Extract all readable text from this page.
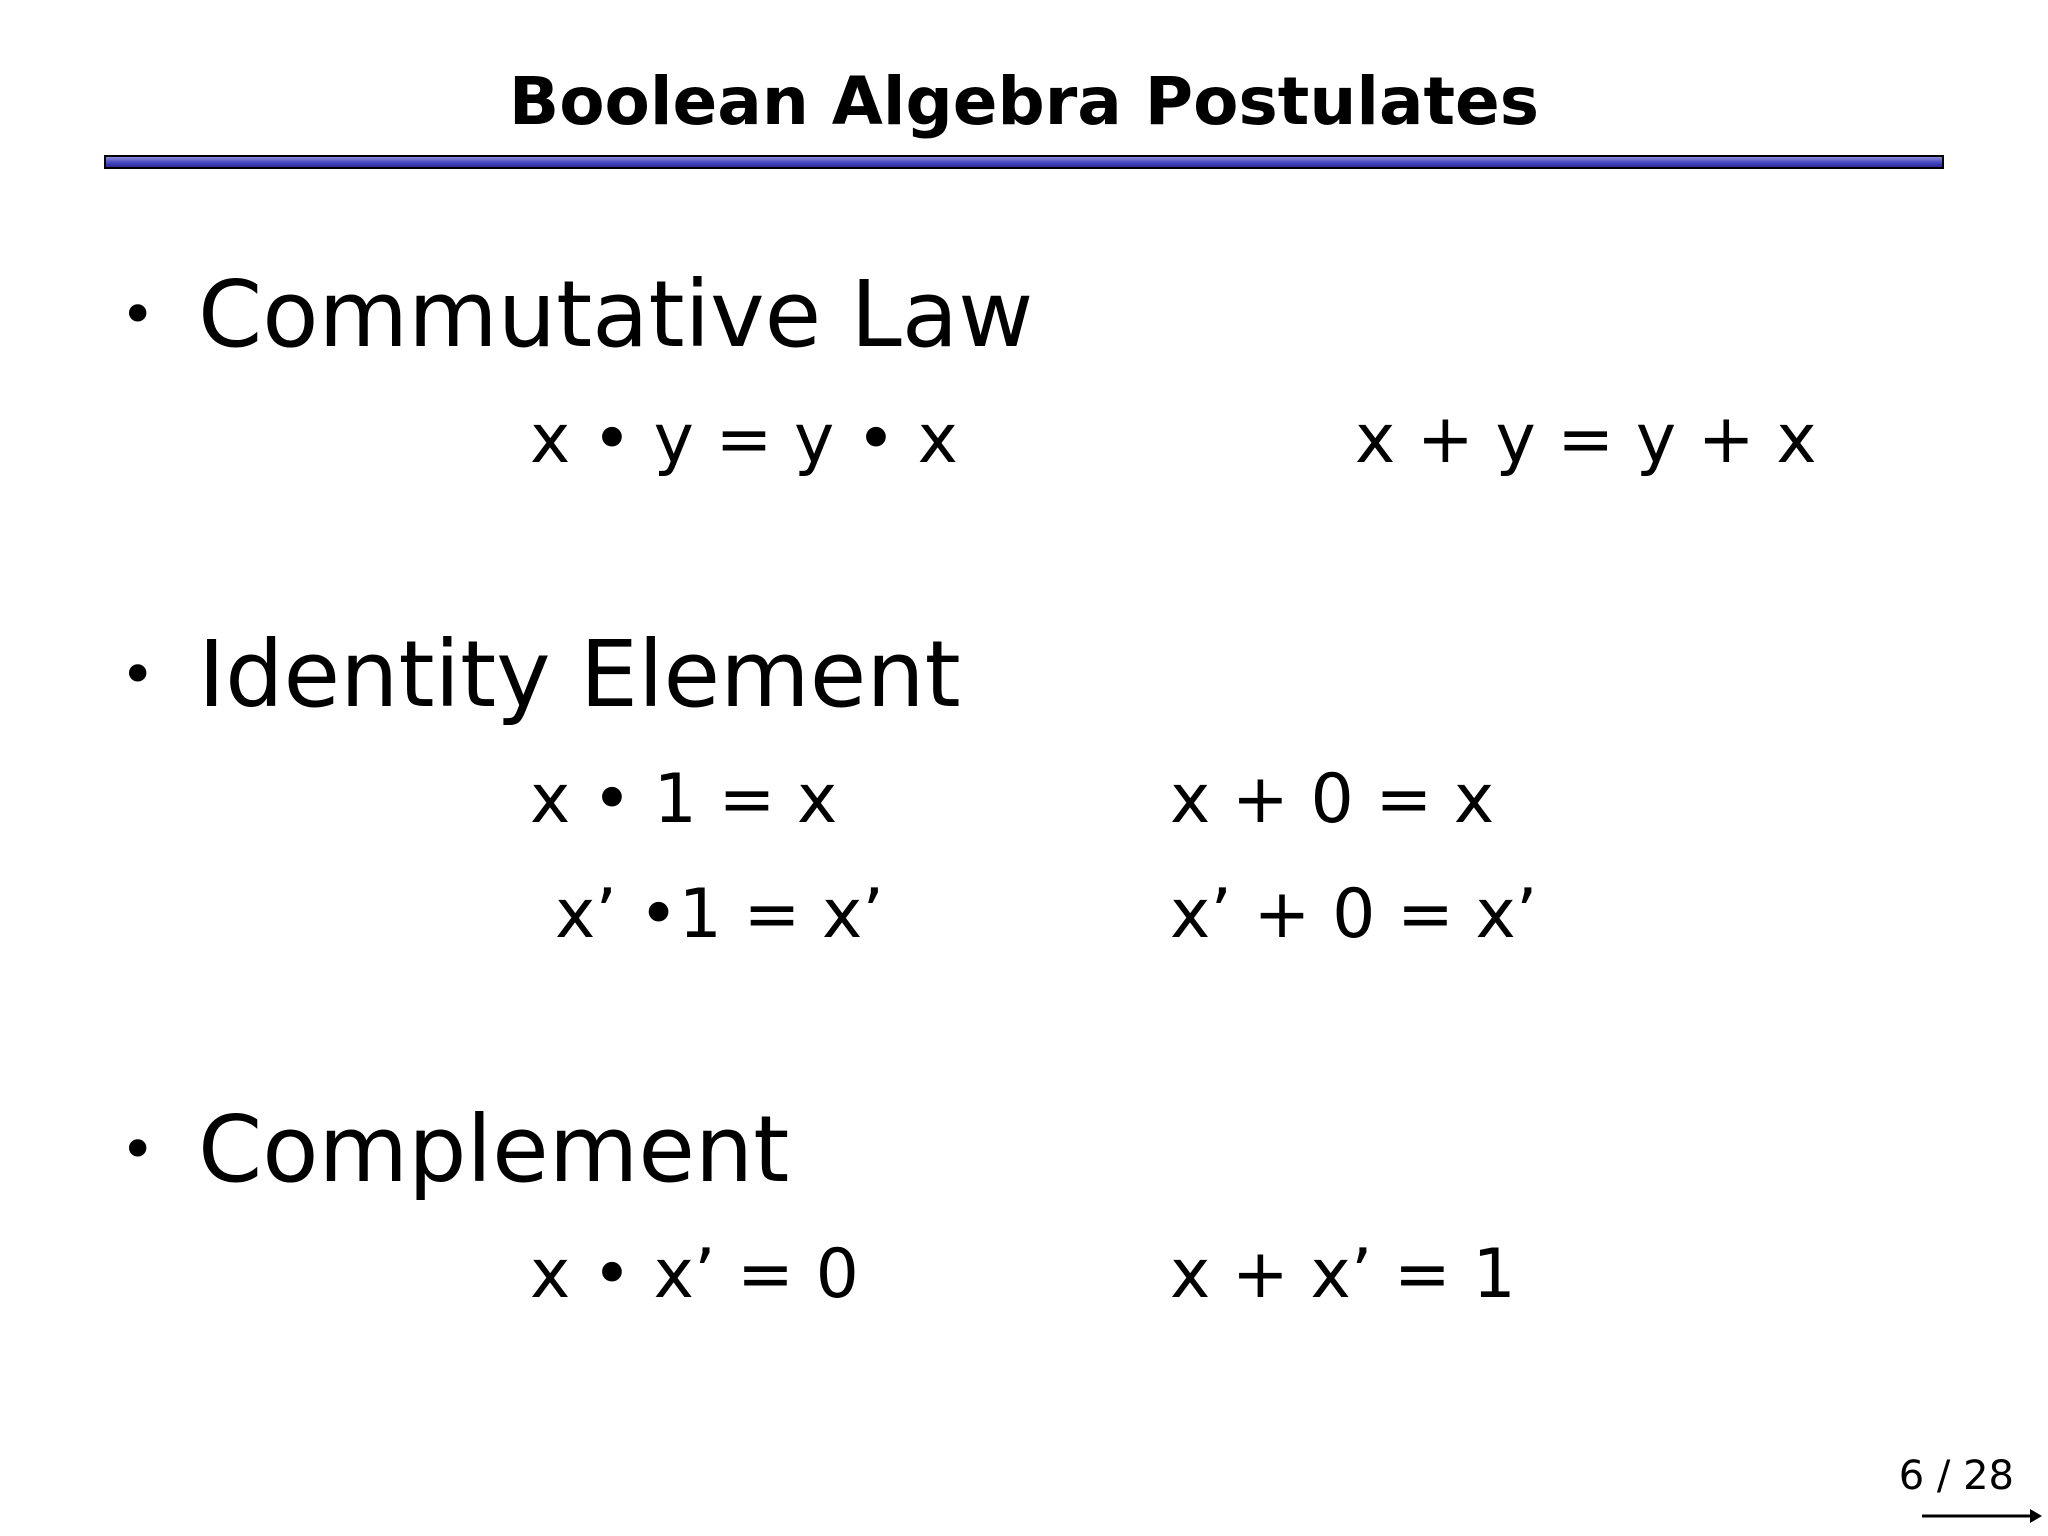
Boolean Algebra Postulates
• Commutative Law
x • y = y • x	x + y = y + x
• Identity Element
x • 1 = x	x + 0 = x
x’ •1 = x’	x’ + 0 = x’
• Complement
x • x’ = 0	x + x’ = 1
6 / 28
